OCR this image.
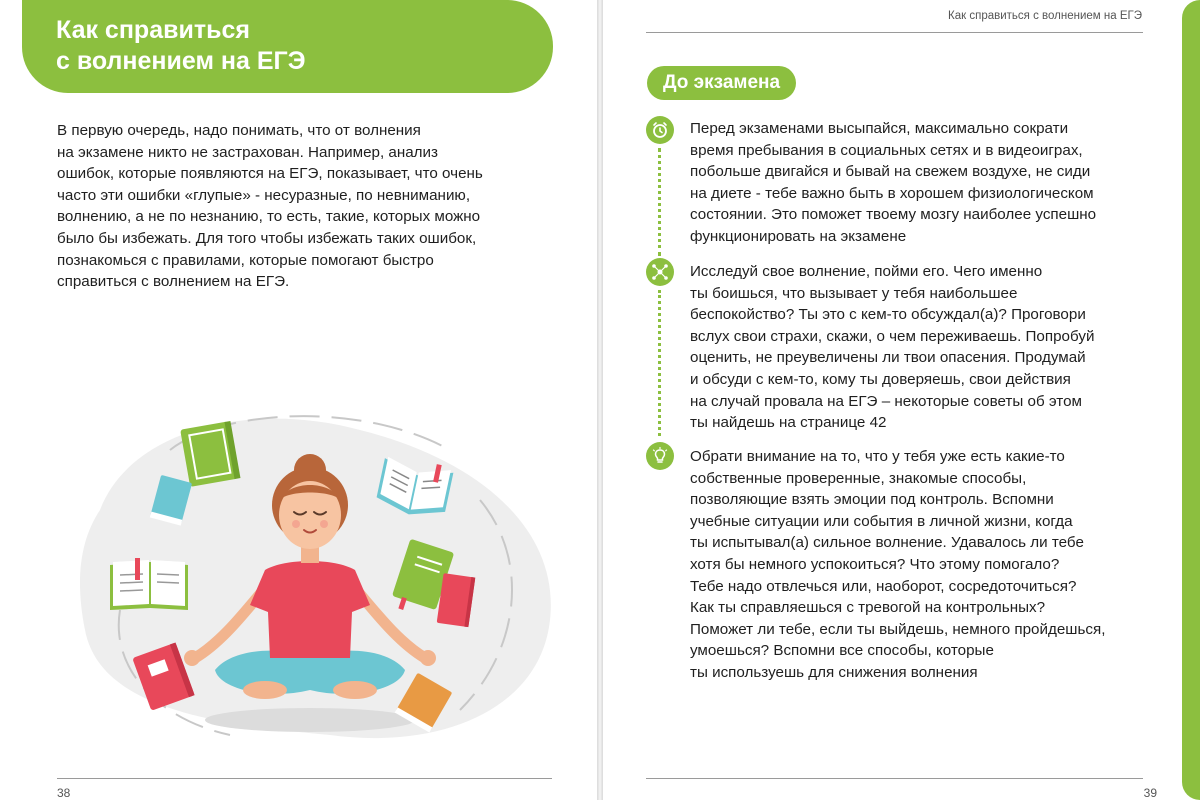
Как справиться
с волнением на ЕГЭ

В первую очередь, надо понимать, что от волнения
на экзамене никто не застрахован. Например, анализ
ошибок, которые появляются на ЕГЭ, показывает, что очень
часто эти ошибки «глупые» - несуразные, по невниманию,
волнению, а не по незнанию, то есть, такие, которых можно
было бы избежать. Для того чтобы избежать таких ошибок,
познакомься с правилами, которые помогают быстро
справиться с волнением на ЕГЭ.

38
Как справиться с волнением на ЕГЭ
До экзамена

Перед экзаменами высыпайся, максимально сократи
время пребывания в социальных сетях и в видеоиграх,
побольше двигайся и бывай на свежем воздухе, не сиди
на диете - тебе важно быть в хорошем физиологическом
состоянии. Это поможет твоему мозгу наиболее успешно
функционировать на экзамене

Исследуй свое волнение, пойми его. Чего именно
ты боишься, что вызывает у тебя наибольшее
беспокойство? Ты это с кем-то обсуждал(а)? Проговори
вслух свои страхи, скажи, о чем переживаешь. Попробуй
оценить, не преувеличены ли твои опасения. Продумай
и обсуди с кем-то, кому ты доверяешь, свои действия
на случай провала на ЕГЭ – некоторые советы об этом
ты найдешь на странице 42

Обрати внимание на то, что у тебя уже есть какие-то
собственные проверенные, знакомые способы,
позволяющие взять эмоции под контроль. Вспомни
учебные ситуации или события в личной жизни, когда
ты испытывал(а) сильное волнение. Удавалось ли тебе
хотя бы немного успокоиться? Что этому помогало?
Тебе надо отвлечься или, наоборот, сосредоточиться?
Как ты справляешься с тревогой на контрольных?
Поможет ли тебе, если ты выйдешь, немного пройдешься,
умоешься? Вспомни все способы, которые
ты используешь для снижения волнения

39
